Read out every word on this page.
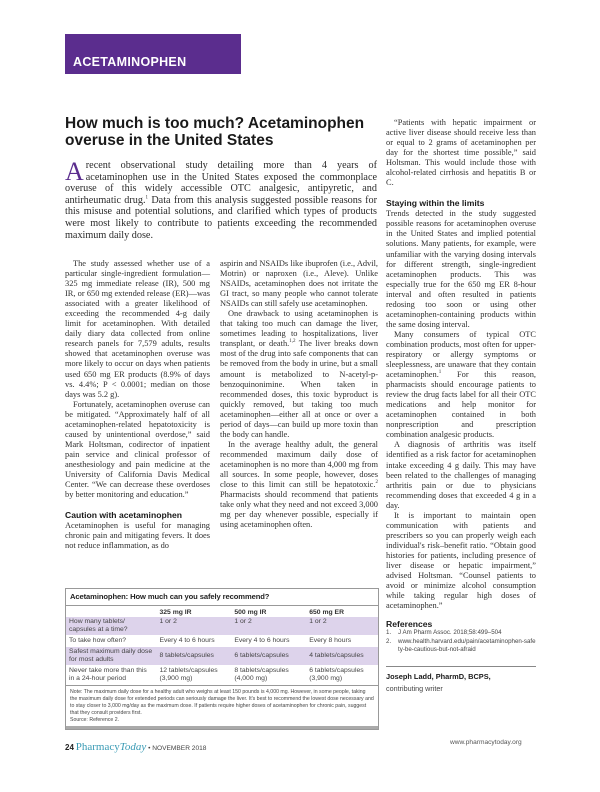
ACETAMINOPHEN
How much is too much? Acetaminophen overuse in the United States
A recent observational study detailing more than 4 years of acetaminophen use in the United States exposed the commonplace overuse of this widely accessible OTC analgesic, antipyretic, and antirheumatic drug.$^1$ Data from this analysis suggested possible reasons for this misuse and potential solutions, and clarified which types of products were most likely to contribute to patients exceeding the recommended maximum daily dose.

The study assessed whether use of a particular single-ingredient formulation—325 mg immediate release (IR), 500 mg IR, or 650 mg extended release (ER)—was associated with a greater likelihood of exceeding the recommended 4-g daily limit for acetaminophen. With detailed daily diary data collected from online research panels for 7,579 adults, results showed that acetaminophen overuse was more likely to occur on days when patients used 650 mg ER products (8.9% of days vs. 4.4%; P < 0.0001; median on those days was 5.2 g).

Fortunately, acetaminophen overuse can be mitigated. “Approximately half of all acetaminophen-related hepatotoxicity is caused by unintentional overdose,” said Mark Holtsman, codirector of inpatient pain service and clinical professor of anesthesiology and pain medicine at the University of California Davis Medical Center. “We can decrease these overdoses by better monitoring and education.”

Caution with acetaminophen

Acetaminophen is useful for managing chronic pain and mitigating fevers. It does not reduce inflammation, as do

aspirin and NSAIDs like ibuprofen (i.e., Advil, Motrin) or naproxen (i.e., Aleve). Unlike NSAIDs, acetaminophen does not irritate the GI tract, so many people who cannot tolerate NSAIDs can still safely use acetaminophen.

One drawback to using acetaminophen is that taking too much can damage the liver, sometimes leading to hospitalizations, liver transplant, or death.$^{1,2}$ The liver breaks down most of the drug into safe components that can be removed from the body in urine, but a small amount is metabolized to N-acetyl-p-benzoquinonimine. When taken in recommended doses, this toxic byproduct is quickly removed, but taking too much acetaminophen—either all at once or over a period of days—can build up more toxin than the body can handle.

In the average healthy adult, the general recommended maximum daily dose of acetaminophen is no more than 4,000 mg from all sources. In some people, however, doses close to this limit can still be hepatotoxic.$^2$ Pharmacists should recommend that patients take only what they need and not exceed 3,000 mg per day whenever possible, especially if using acetaminophen often.

“Patients with hepatic impairment or active liver disease should receive less than or equal to 2 grams of acetaminophen per day for the shortest time possible,” said Holtsman. This would include those with alcohol-related cirrhosis and hepatitis B or C.

Staying within the limits

Trends detected in the study suggested possible reasons for acetaminophen overuse in the United States and implied potential solutions. Many patients, for example, were unfamiliar with the varying dosing intervals for different strength, single-ingredient acetaminophen products. This was especially true for the 650 mg ER 8-hour interval and often resulted in patients redosing too soon or using other acetaminophen-containing products within the same dosing interval.

Many consumers of typical OTC combination products, most often for upper-respiratory or allergy symptoms or sleeplessness, are unaware that they contain acetaminophen.$^1$ For this reason, pharmacists should encourage patients to review the drug facts label for all their OTC medications and help monitor for acetaminophen contained in both nonprescription and prescription combination analgesic products.

A diagnosis of arthritis was itself identified as a risk factor for acetaminophen intake exceeding 4 g daily. This may have been related to the challenges of managing arthritis pain or due to physicians recommending doses that exceeded 4 g in a day.

It is important to maintain open communication with patients and prescribers so you can properly weigh each individual's risk–benefit ratio. “Obtain good histories for patients, including presence of liver disease or hepatic impairment,” advised Holtsman. “Counsel patients to avoid or minimize alcohol consumption while taking regular high doses of acetaminophen.”

References
1.	J Am Pharm Assoc. 2018;58:499–504
2.	www.health.harvard.edu/pain/acetaminophen-safety-be-cautious-but-not-afraid
Joseph Ladd, PharmD, BCPS,
contributing writer
Acetaminophen: How much can you safely recommend?
	325 mg IR	500 mg IR	650 mg ER
How many tablets/ capsules at a time?	1 or 2	1 or 2	1 or 2
To take how often?	Every 4 to 6 hours	Every 4 to 6 hours	Every 8 hours
Safest maximum daily dose for most adults	8 tablets/capsules	6 tablets/capsules	4 tablets/capsules
Never take more than this in a 24-hour period	12 tablets/capsules (3,900 mg)	8 tablets/capsules (4,000 mg)	6 tablets/capsules (3,900 mg)
Note: The maximum daily dose for a healthy adult who weighs at least 150 pounds is 4,000 mg. However, in some people, taking the maximum daily dose for extended periods can seriously damage the liver. It's best to recommend the lowest dose necessary and to stay closer to 3,000 mg/day as the maximum dose. If patients require higher doses of acetaminophen for chronic pain, suggest that they consult providers first.
Source: Reference 2.
24 PharmacyToday • NOVEMBER 2018
www.pharmacytoday.org
